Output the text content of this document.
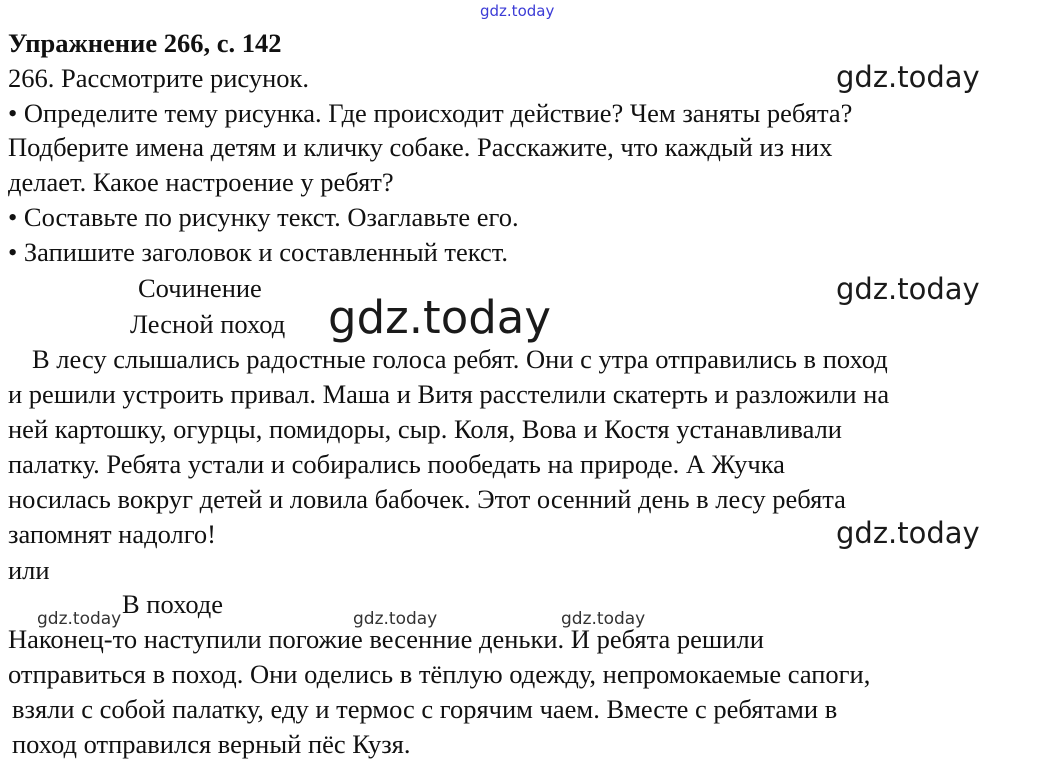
gdz.today
gdz.today
gdz.today
gdz.today
gdz.today
gdz.today	gdz.today	gdz.today
Упражнение 266, с. 142
266. Рассмотрите рисунок.
• Определите тему рисунка. Где происходит действие? Чем заняты ребята?
Подберите имена детям и кличку собаке. Расскажите, что каждый из них
делает. Какое настроение у ребят?
• Составьте по рисунку текст. Озаглавьте его.
• Запишите заголовок и составленный текст.
Сочинение
Лесной поход
В лесу слышались радостные голоса ребят. Они с утра отправились в поход
и решили устроить привал. Маша и Витя расстелили скатерть и разложили на
ней картошку, огурцы, помидоры, сыр. Коля, Вова и Костя устанавливали
палатку. Ребята устали и собирались пообедать на природе. А Жучка
носилась вокруг детей и ловила бабочек. Этот осенний день в лесу ребята
запомнят надолго!
или
В походе
Наконец-то наступили погожие весенние деньки. И ребята решили
отправиться в поход. Они оделись в тёплую одежду, непромокаемые сапоги,
взяли с собой палатку, еду и термос с горячим чаем. Вместе с ребятами в
поход отправился верный пёс Кузя.
